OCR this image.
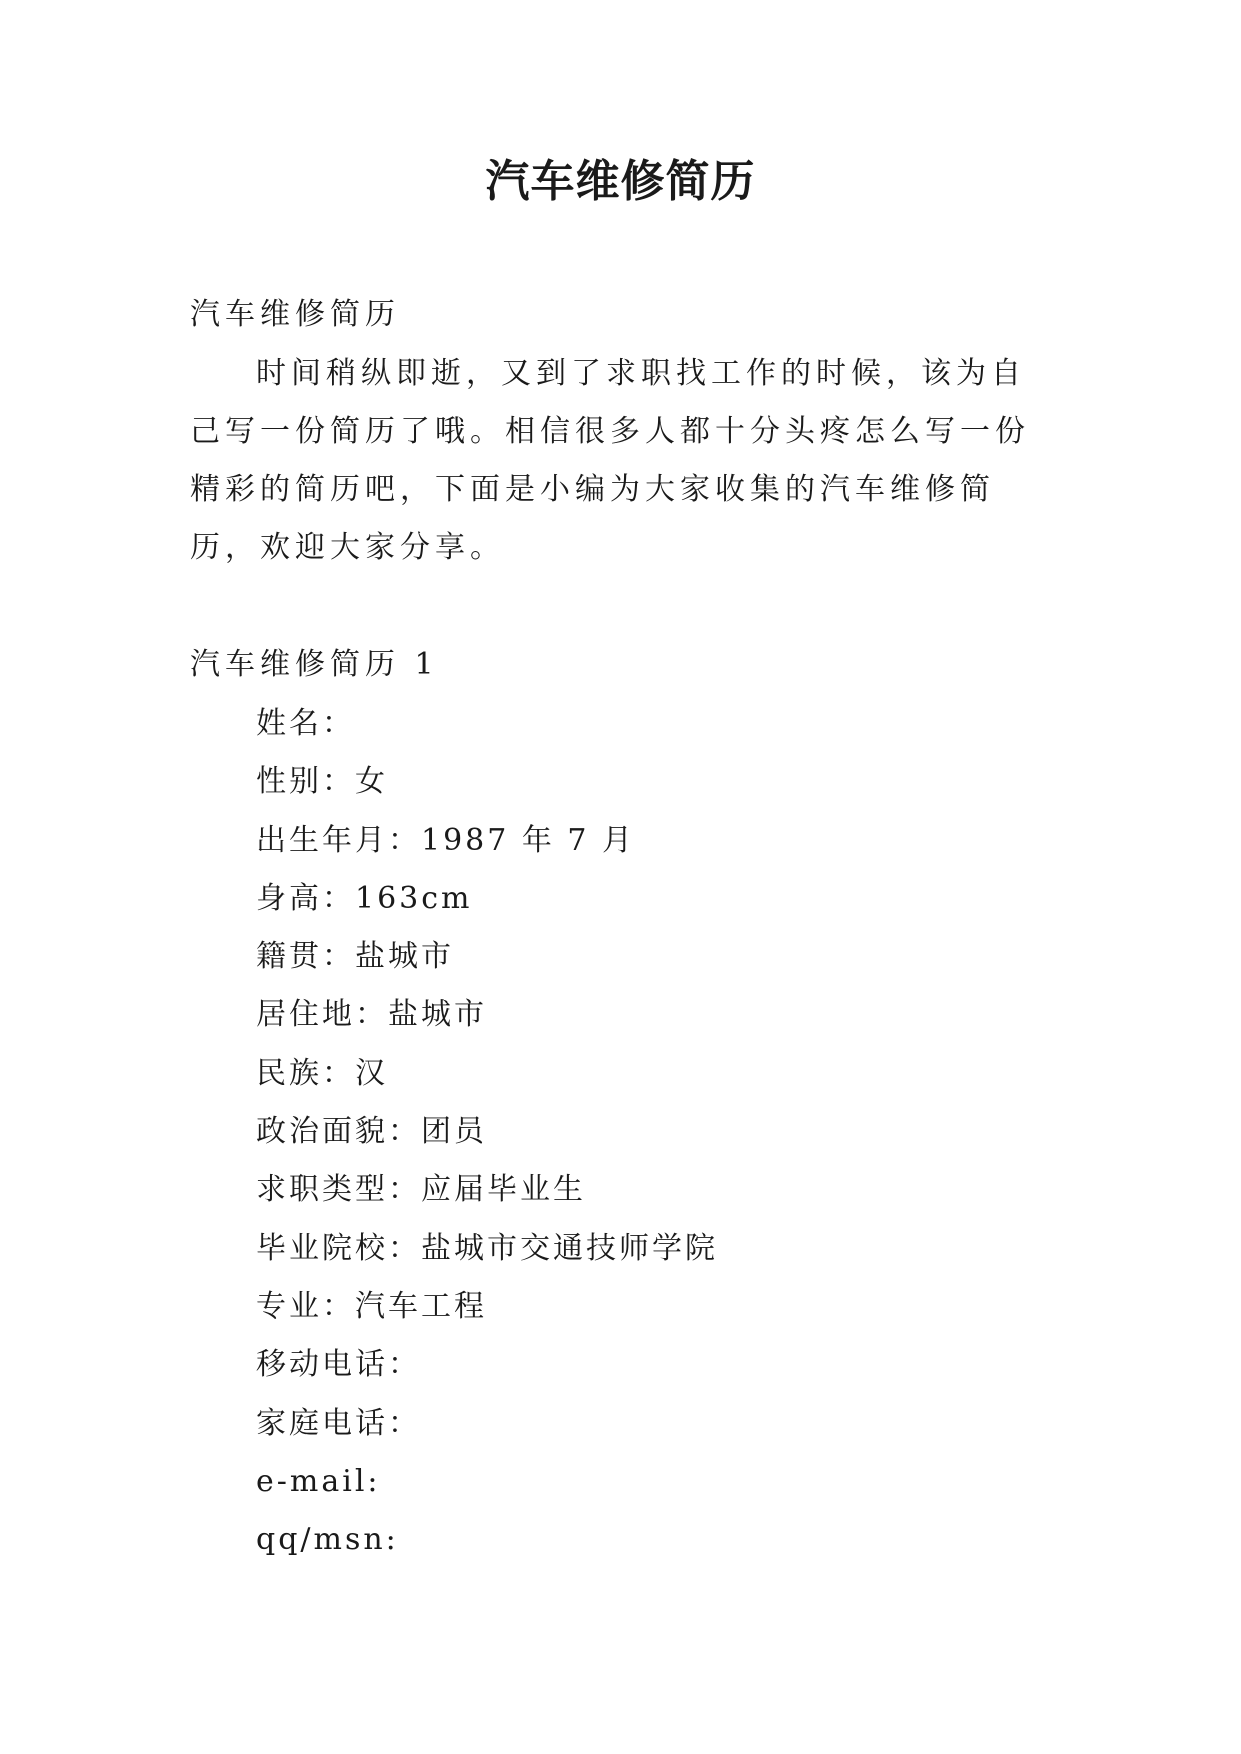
汽车维修简历

汽车维修简历

时间稍纵即逝，又到了求职找工作的时候，该为自己写一份简历了哦。相信很多人都十分头疼怎么写一份精彩的简历吧，下面是小编为大家收集的汽车维修简历，欢迎大家分享。

汽车维修简历 1

姓名：
性别：女
出生年月：1987 年 7 月
身高：163cm
籍贯：盐城市
居住地：盐城市
民族：汉
政治面貌：团员
求职类型：应届毕业生
毕业院校：盐城市交通技师学院
专业：汽车工程
移动电话：
家庭电话：
e-mail:
qq/msn:
